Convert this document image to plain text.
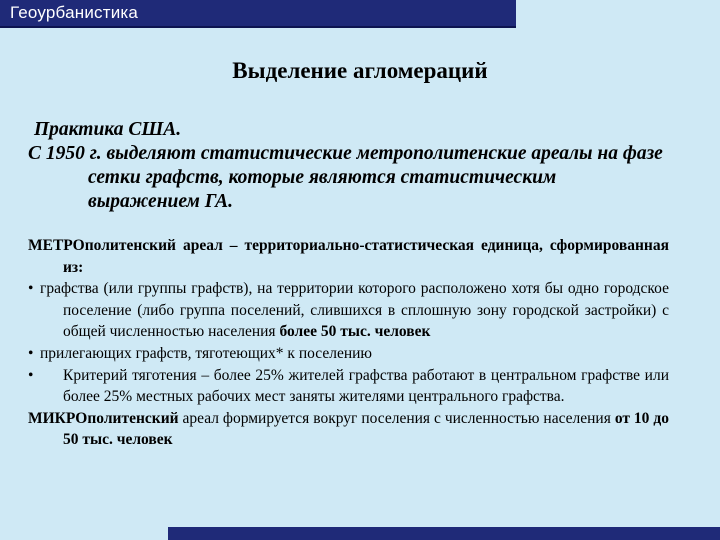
Геоурбанистика
Выделение агломераций
Практика США.
С 1950 г. выделяют статистические метрополитенские ареалы на фазе сетки графств, которые являются статистическим выражением ГА.

МЕТРОполитенский ареал – территориально-статистическая единица, сформированная из:

• графства (или группы графств), на территории которого расположено хотя бы одно городское поселение (либо группа поселений, слившихся в сплошную зону городской застройки) с общей численностью населения более 50 тыс. человек

• прилегающих графств, тяготеющих* к поселению

• Критерий тяготения – более 25% жителей графства работают в центральном графстве или более 25% местных рабочих мест заняты жителями центрального графства.

МИКРОполитенский ареал формируется вокруг поселения с численностью населения от 10 до 50 тыс. человек
